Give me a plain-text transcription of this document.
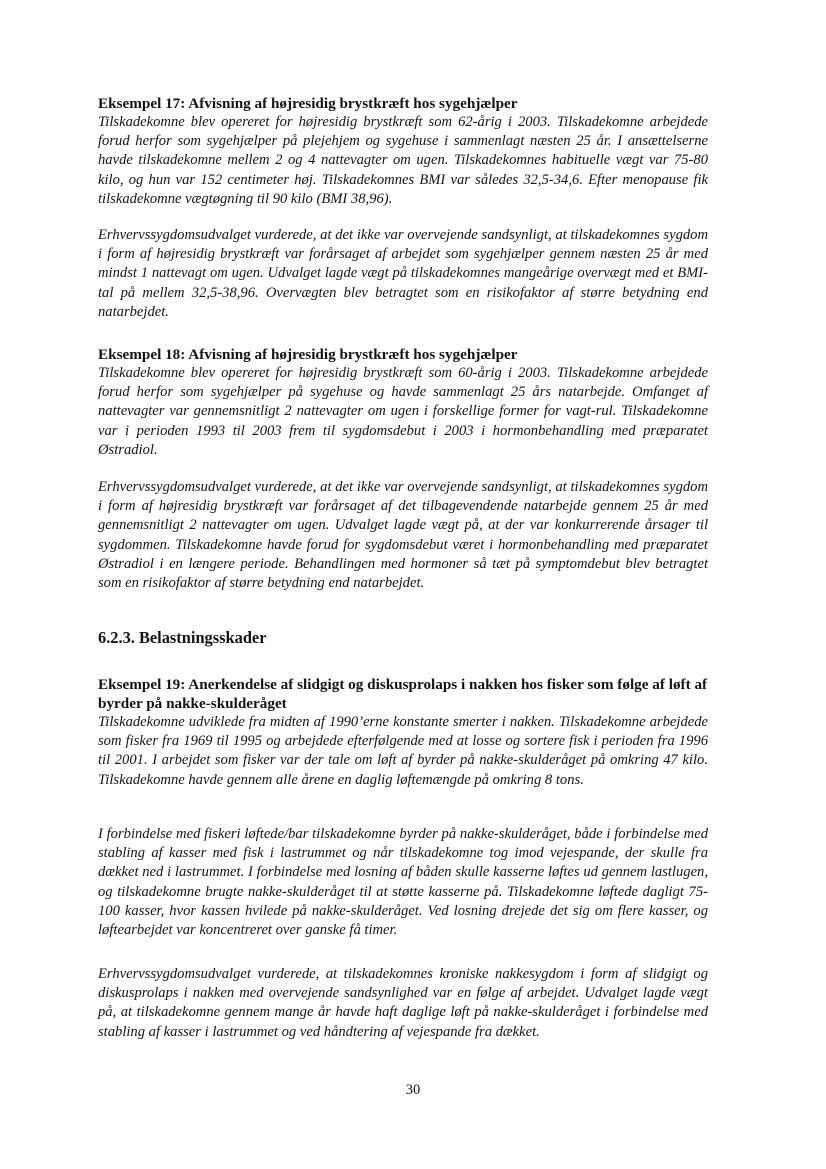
Eksempel 17: Afvisning af højresidig brystkræft hos sygehjælper

Tilskadekomne blev opereret for højresidig brystkræft som 62-årig i 2003. Tilskadekomne arbejdede forud herfor som sygehjælper på plejehjem og sygehuse i sammenlagt næsten 25 år. I ansættelserne havde tilskadekomne mellem 2 og 4 nattevagter om ugen. Tilskadekomnes habituelle vægt var 75-80 kilo, og hun var 152 centimeter høj. Tilskadekomnes BMI var således 32,5-34,6. Efter menopause fik tilskadekomne vægtøgning til 90 kilo (BMI 38,96).

Erhvervssygdomsudvalget vurderede, at det ikke var overvejende sandsynligt, at tilskadekomnes sygdom i form af højresidig brystkræft var forårsaget af arbejdet som sygehjælper gennem næsten 25 år med mindst 1 nattevagt om ugen. Udvalget lagde vægt på tilskadekomnes mangeårige overvægt med et BMI-tal på mellem 32,5-38,96. Overvægten blev betragtet som en risikofaktor af større betydning end natarbejdet.

Eksempel 18: Afvisning af højresidig brystkræft hos sygehjælper

Tilskadekomne blev opereret for højresidig brystkræft som 60-årig i 2003. Tilskadekomne arbejdede forud herfor som sygehjælper på sygehuse og havde sammenlagt 25 års natarbejde. Omfanget af nattevagter var gennemsnitligt 2 nattevagter om ugen i forskellige former for vagt-rul. Tilskadekomne var i perioden 1993 til 2003 frem til sygdomsdebut i 2003 i hormonbehandling med præparatet Østradiol.

Erhvervssygdomsudvalget vurderede, at det ikke var overvejende sandsynligt, at tilskadekomnes sygdom i form af højresidig brystkræft var forårsaget af det tilbagevendende natarbejde gennem 25 år med gennemsnitligt 2 nattevagter om ugen. Udvalget lagde vægt på, at der var konkurrerende årsager til sygdommen. Tilskadekomne havde forud for sygdomsdebut været i hormonbehandling med præparatet Østradiol i en længere periode. Behandlingen med hormoner så tæt på symptomdebut blev betragtet som en risikofaktor af større betydning end natarbejdet.

6.2.3. Belastningsskader

Eksempel 19: Anerkendelse af slidgigt og diskusprolaps i nakken hos fisker som følge af løft af byrder på nakke-skulderåget

Tilskadekomne udviklede fra midten af 1990’erne konstante smerter i nakken. Tilskadekomne arbejdede som fisker fra 1969 til 1995 og arbejdede efterfølgende med at losse og sortere fisk i perioden fra 1996 til 2001. I arbejdet som fisker var der tale om løft af byrder på nakke-skulderåget på omkring 47 kilo. Tilskadekomne havde gennem alle årene en daglig løftemængde på omkring 8 tons.

I forbindelse med fiskeri løftede/bar tilskadekomne byrder på nakke-skulderåget, både i forbindelse med stabling af kasser med fisk i lastrummet og når tilskadekomne tog imod vejespande, der skulle fra dækket ned i lastrummet. I forbindelse med losning af båden skulle kasserne løftes ud gennem lastlugen, og tilskadekomne brugte nakke-skulderåget til at støtte kasserne på. Tilskadekomne løftede dagligt 75-100 kasser, hvor kassen hvilede på nakke-skulderåget. Ved losning drejede det sig om flere kasser, og løftearbejdet var koncentreret over ganske få timer.

Erhvervssygdomsudvalget vurderede, at tilskadekomnes kroniske nakkesygdom i form af slidgigt og diskusprolaps i nakken med overvejende sandsynlighed var en følge af arbejdet. Udvalget lagde vægt på, at tilskadekomne gennem mange år havde haft daglige løft på nakke-skulderåget i forbindelse med stabling af kasser i lastrummet og ved håndtering af vejespande fra dækket.

30
